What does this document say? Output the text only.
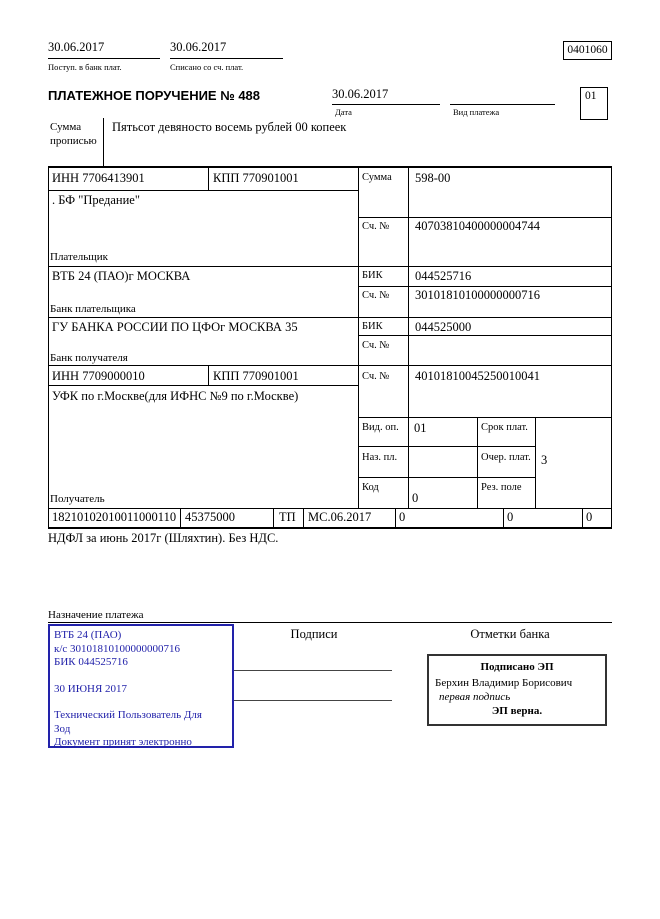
30.06.2017
Поступ. в банк плат.
30.06.2017
Списано со сч. плат.
0401060
ПЛАТЕЖНОЕ ПОРУЧЕНИЕ № 488	30.06.2017
Дата	Вид платежа
01
Сумма
прописью
Пятьсот девяносто восемь рублей 00 копеек
ИНН 7706413901	КПП 770901001	Сумма 598-00
. БФ "Предание"
Сч. № 40703810400000004744
Плательщик
ВТБ 24 (ПАО)г МОСКВА	БИК	044525716
Сч. № 30101810100000000716
Банк плательщика
ГУ БАНКА РОССИИ ПО ЦФОг МОСКВА 35	БИК	044525000
Сч. №
Банк получателя
ИНН 7709000010	КПП 770901001	Сч. № 40101810045250010041
УФК по г.Москве(для ИФНС №9 по г.Москве)
Получатель
Вид. оп. 01	Срок плат.
Наз. пл.	Очер. плат. 3
Код	Рез. поле
0
18210102010011000110 45375000	ТП МС.06.2017 0	0	0
НДФЛ за июнь 2017г (Шляхтин). Без НДС.
Назначение платежа
ВТБ 24 (ПАО)
к/с 30101810100000000716
БИК 044525716
30 ИЮНЯ 2017
Технический Пользователь Для
Зод
Документ принят электронно
Подписи	Отметки банка
Подписано ЭП
Берхин Владимир Борисович
первая подпись
ЭП верна.
